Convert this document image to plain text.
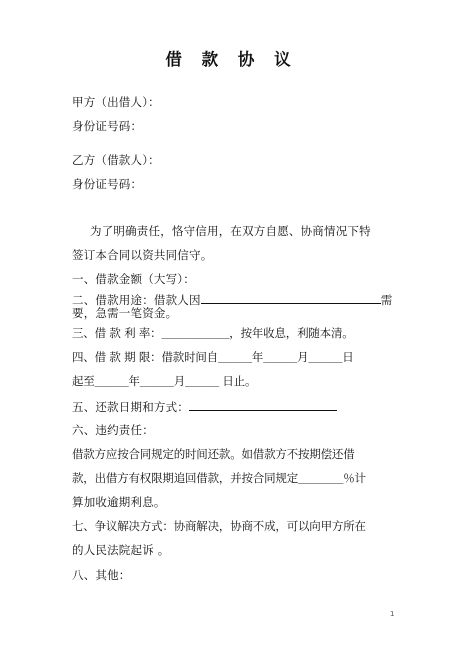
借 款 协 议
甲方（出借人）：
身份证号码：
乙方（借款人）：
身份证号码：
为了明确责任，恪守信用，在双方自愿、协商情况下特
签订本合同以资共同信守。
一、借款金额（大写）：
二、借款用途：借款人因	需
要，急需一笔资金。
三、借 款 利 率：＿＿＿＿＿＿，按年收息，利随本清。
四、借 款 期 限：借款时间自＿＿＿年＿＿＿月＿＿＿日
起至＿＿＿年＿＿＿月＿＿＿ 日止。
五、还款日期和方式：
六、违约责任：
借款方应按合同规定的时间还款。如借款方不按期偿还借
款，出借方有权限期追回借款，并按合同规定＿＿＿＿％计
算加收逾期利息。
七、争议解决方式：协商解决，协商不成，可以向甲方所在
的人民法院起诉 。
八、其他：
1
